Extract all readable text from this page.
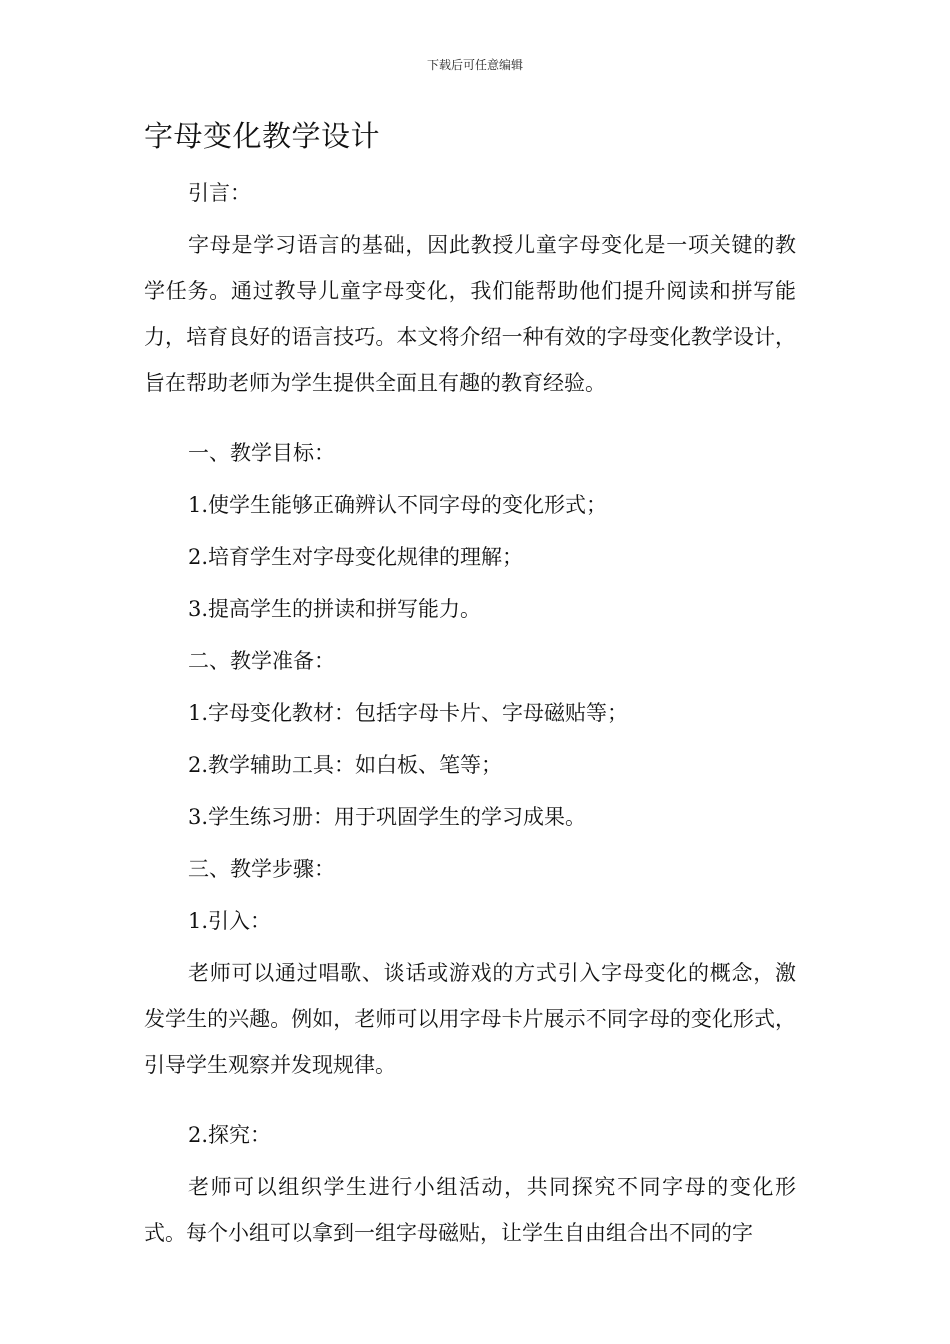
下载后可任意编辑
字母变化教学设计

引言：

字母是学习语言的基础，因此教授儿童字母变化是一项关键的教学任务。通过教导儿童字母变化，我们能帮助他们提升阅读和拼写能力，培育良好的语言技巧。本文将介绍一种有效的字母变化教学设计，旨在帮助老师为学生提供全面且有趣的教育经验。

一、教学目标：

1.使学生能够正确辨认不同字母的变化形式；

2.培育学生对字母变化规律的理解；

3.提高学生的拼读和拼写能力。

二、教学准备：

1.字母变化教材：包括字母卡片、字母磁贴等；

2.教学辅助工具：如白板、笔等；

3.学生练习册：用于巩固学生的学习成果。

三、教学步骤：

1.引入：

老师可以通过唱歌、谈话或游戏的方式引入字母变化的概念，激发学生的兴趣。例如，老师可以用字母卡片展示不同字母的变化形式，引导学生观察并发现规律。

2.探究：

老师可以组织学生进行小组活动，共同探究不同字母的变化形式。每个小组可以拿到一组字母磁贴，让学生自由组合出不同的字
